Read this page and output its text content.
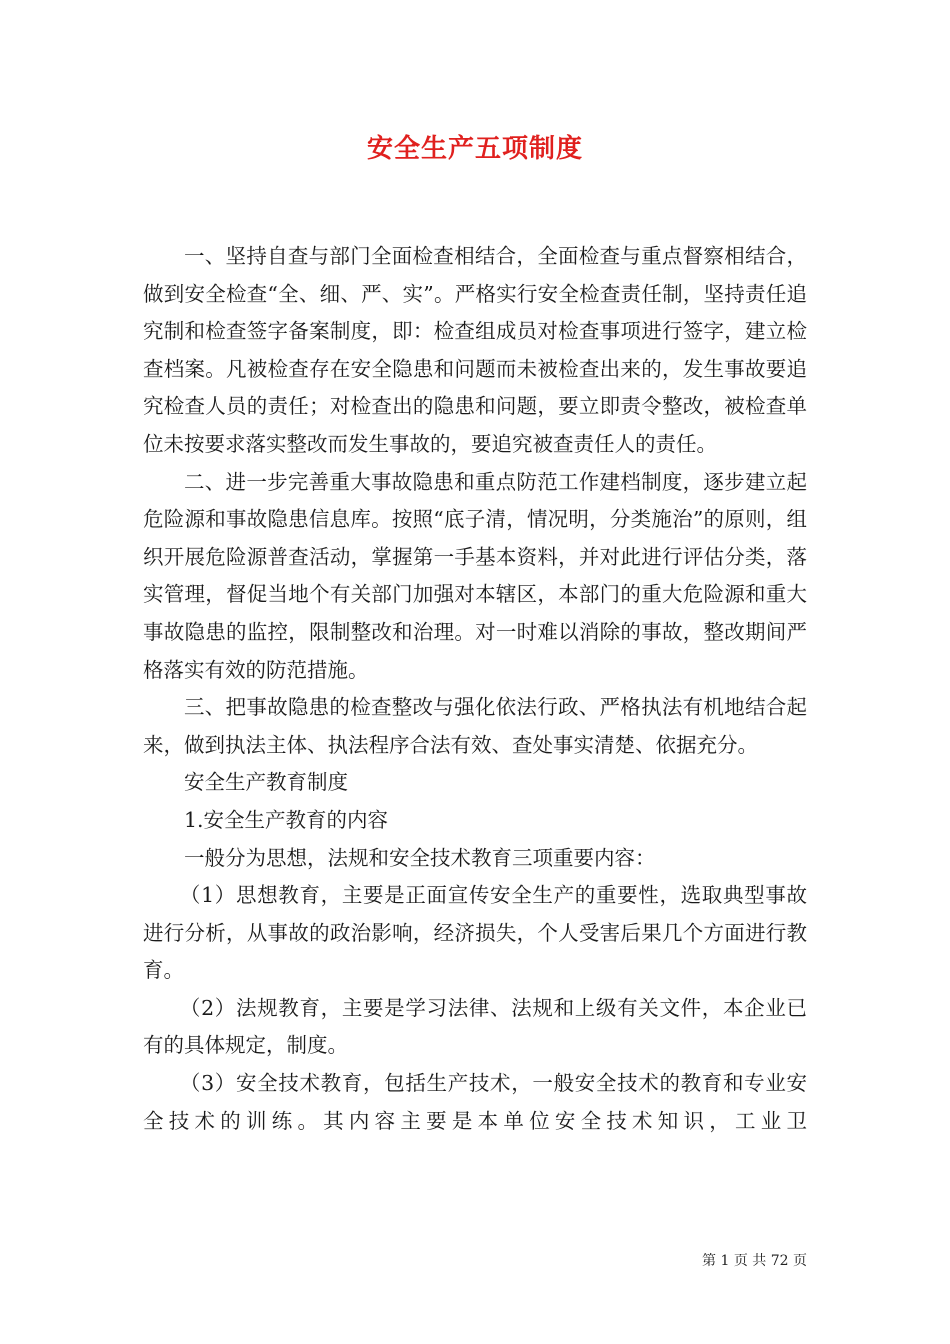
安全生产五项制度

一、坚持自查与部门全面检查相结合，全面检查与重点督察相结合，做到安全检查“全、细、严、实”。严格实行安全检查责任制，坚持责任追究制和检查签字备案制度，即：检查组成员对检查事项进行签字，建立检查档案。凡被检查存在安全隐患和问题而未被检查出来的，发生事故要追究检查人员的责任；对检查出的隐患和问题，要立即责令整改，被检查单位未按要求落实整改而发生事故的，要追究被查责任人的责任。

二、进一步完善重大事故隐患和重点防范工作建档制度，逐步建立起危险源和事故隐患信息库。按照“底子清，情况明，分类施治”的原则，组织开展危险源普查活动，掌握第一手基本资料，并对此进行评估分类，落实管理，督促当地个有关部门加强对本辖区，本部门的重大危险源和重大事故隐患的监控，限制整改和治理。对一时难以消除的事故，整改期间严格落实有效的防范措施。

三、把事故隐患的检查整改与强化依法行政、严格执法有机地结合起来，做到执法主体、执法程序合法有效、查处事实清楚、依据充分。

安全生产教育制度

1.安全生产教育的内容

一般分为思想，法规和安全技术教育三项重要内容：

（1）思想教育，主要是正面宣传安全生产的重要性，选取典型事故进行分析，从事故的政治影响，经济损失，个人受害后果几个方面进行教育。

（2）法规教育，主要是学习法律、法规和上级有关文件，本企业已有的具体规定，制度。

（3）安全技术教育，包括生产技术，一般安全技术的教育和专业安全技术的训练。其内容主要是本单位安全技术知识，工业卫

第 1 页 共 72 页
